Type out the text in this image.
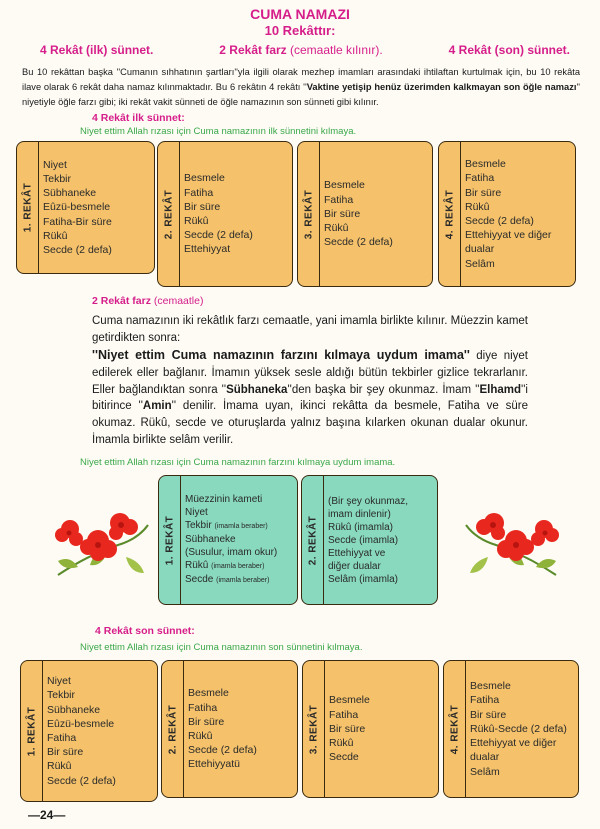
CUMA NAMAZI
10 Rekâttır:
4 Rekât (ilk) sünnet.	2 Rekât farz (cemaatle kılınır).	4 Rekât (son) sünnet.
Bu 10 rekâttan başka ''Cumanın sıhhatının şartları''yla ilgili olarak mezhep imamları arasındaki ihtilaftan kurtulmak için, bu 10 rekâta ilave olarak 6 rekât daha namaz kılınmaktadır. Bu 6 rekâtın 4 rekâtı ''Vaktine yetişip henüz üzerimden kalkmayan son öğle namazı'' niyetiyle öğle farzı gibi; iki rekât vakit sünneti de öğle namazının son sünneti gibi kılınır.
4 Rekât ilk sünnet:
Niyet ettim Allah rızası için Cuma namazının ilk sünnetini kılmaya.
1. REKÂT
Niyet
Tekbir
Sübhaneke
Eûzü-besmele
Fatiha-Bir süre
Rükû
Secde (2 defa)
2. REKÂT
Besmele
Fatiha
Bir süre
Rükû
Secde (2 defa)
Ettehiyyat
3. REKÂT
Besmele
Fatiha
Bir süre
Rükû
Secde (2 defa)
4. REKÂT
Besmele
Fatiha
Bir süre
Rükû
Secde (2 defa)
Ettehiyyat ve diğer
dualar
Selâm
2 Rekât farz (cemaatle)
Cuma namazının iki rekâtlık farzı cemaatle, yani imamla birlikte kılınır. Müezzin kamet getirdikten sonra:
''Niyet ettim Cuma namazının farzını kılmaya uydum imama'' diye niyet edilerek eller bağlanır. İmamın yüksek sesle aldığı bütün tekbirler gizlice tekrarlanır. Eller bağlandıktan sonra ''Sübhaneka''den başka bir şey okunmaz. İmam ''Elhamd''i bitirince ''Amin'' denilir. İmama uyan, ikinci rekâtta da besmele, Fatiha ve süre okumaz. Rükû, secde ve oturuşlarda yalnız başına kılarken okunan dualar okunur. İmamla birlikte selâm verilir.
Niyet ettim Allah rızası için Cuma namazının farzını kılmaya uydum imama.
1. REKÂT
Müezzinin kameti
Niyet
Tekbir (imamla beraber)
Sübhaneke
(Susulur, imam okur)
Rükû (imamla beraber)
Secde (imamla beraber)
2. REKÂT
(Bir şey okunmaz,
imam dinlenir)
Rükû (imamla)
Secde (imamla)
Ettehiyyat ve
diğer dualar
Selâm (imamla)
4 Rekât son sünnet:
Niyet ettim Allah rızası için Cuma namazının son sünnetini kılmaya.
1. REKÂT
Niyet
Tekbir
Sübhaneke
Eûzü-besmele
Fatiha
Bir süre
Rükû
Secde (2 defa)
2. REKÂT
Besmele
Fatiha
Bir süre
Rükû
Secde (2 defa)
Ettehiyyatü
3. REKÂT
Besmele
Fatiha
Bir süre
Rükû
Secde
4. REKÂT
Besmele
Fatiha
Bir süre
Rükû-Secde (2 defa)
Ettehiyyat ve diğer
dualar
Selâm
—24—
